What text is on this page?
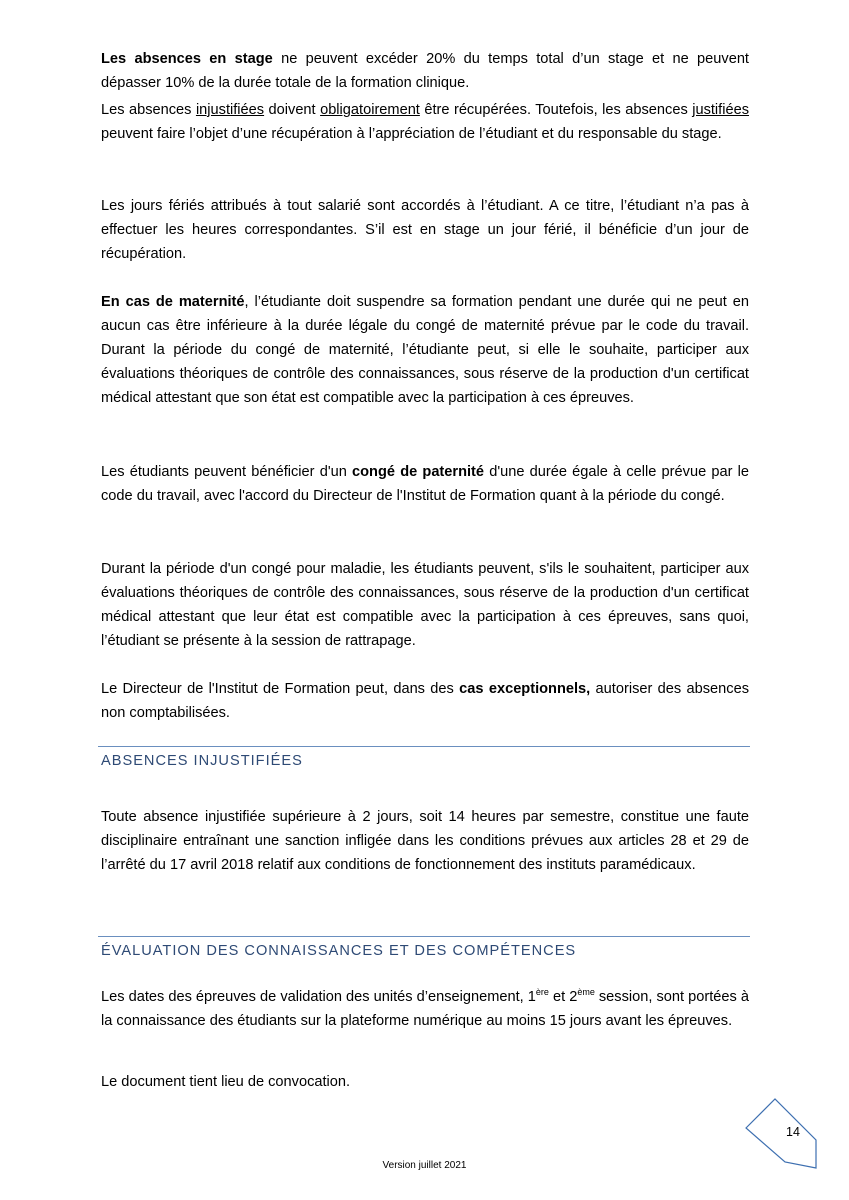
Les absences en stage ne peuvent excéder 20% du temps total d’un stage et ne peuvent dépasser 10% de la durée totale de la formation clinique.

Les absences injustifiées doivent obligatoirement être récupérées. Toutefois, les absences justifiées peuvent faire l’objet d’une récupération à l’appréciation de l’étudiant et du responsable du stage.

Les jours fériés attribués à tout salarié sont accordés à l’étudiant. A ce titre, l’étudiant n’a pas à effectuer les heures correspondantes. S’il est en stage un jour férié, il bénéficie d’un jour de récupération.

En cas de maternité, l’étudiante doit suspendre sa formation pendant une durée qui ne peut en aucun cas être inférieure à la durée légale du congé de maternité prévue par le code du travail. Durant la période du congé de maternité, l’étudiante peut, si elle le souhaite, participer aux évaluations théoriques de contrôle des connaissances, sous réserve de la production d'un certificat médical attestant que son état est compatible avec la participation à ces épreuves.

Les étudiants peuvent bénéficier d'un congé de paternité d'une durée égale à celle prévue par le code du travail, avec l'accord du Directeur de l'Institut de Formation quant à la période du congé.

Durant la période d'un congé pour maladie, les étudiants peuvent, s'ils le souhaitent, participer aux évaluations théoriques de contrôle des connaissances, sous réserve de la production d'un certificat médical attestant que leur état est compatible avec la participation à ces épreuves, sans quoi, l’étudiant se présente à la session de rattrapage.

Le Directeur de l'Institut de Formation peut, dans des cas exceptionnels, autoriser des absences non comptabilisées.

ABSENCES INJUSTIFIÉES

Toute absence injustifiée supérieure à 2 jours, soit 14 heures par semestre, constitue une faute disciplinaire entraînant une sanction infligée dans les conditions prévues aux articles 28 et 29 de l’arrêté du 17 avril 2018 relatif aux conditions de fonctionnement des instituts paramédicaux.

ÉVALUATION DES CONNAISSANCES ET DES COMPÉTENCES

Les dates des épreuves de validation des unités d’enseignement, 1ère et 2ème session, sont portées à la connaissance des étudiants sur la plateforme numérique au moins 15 jours avant les épreuves.

Le document tient lieu de convocation.

14
Version juillet 2021
